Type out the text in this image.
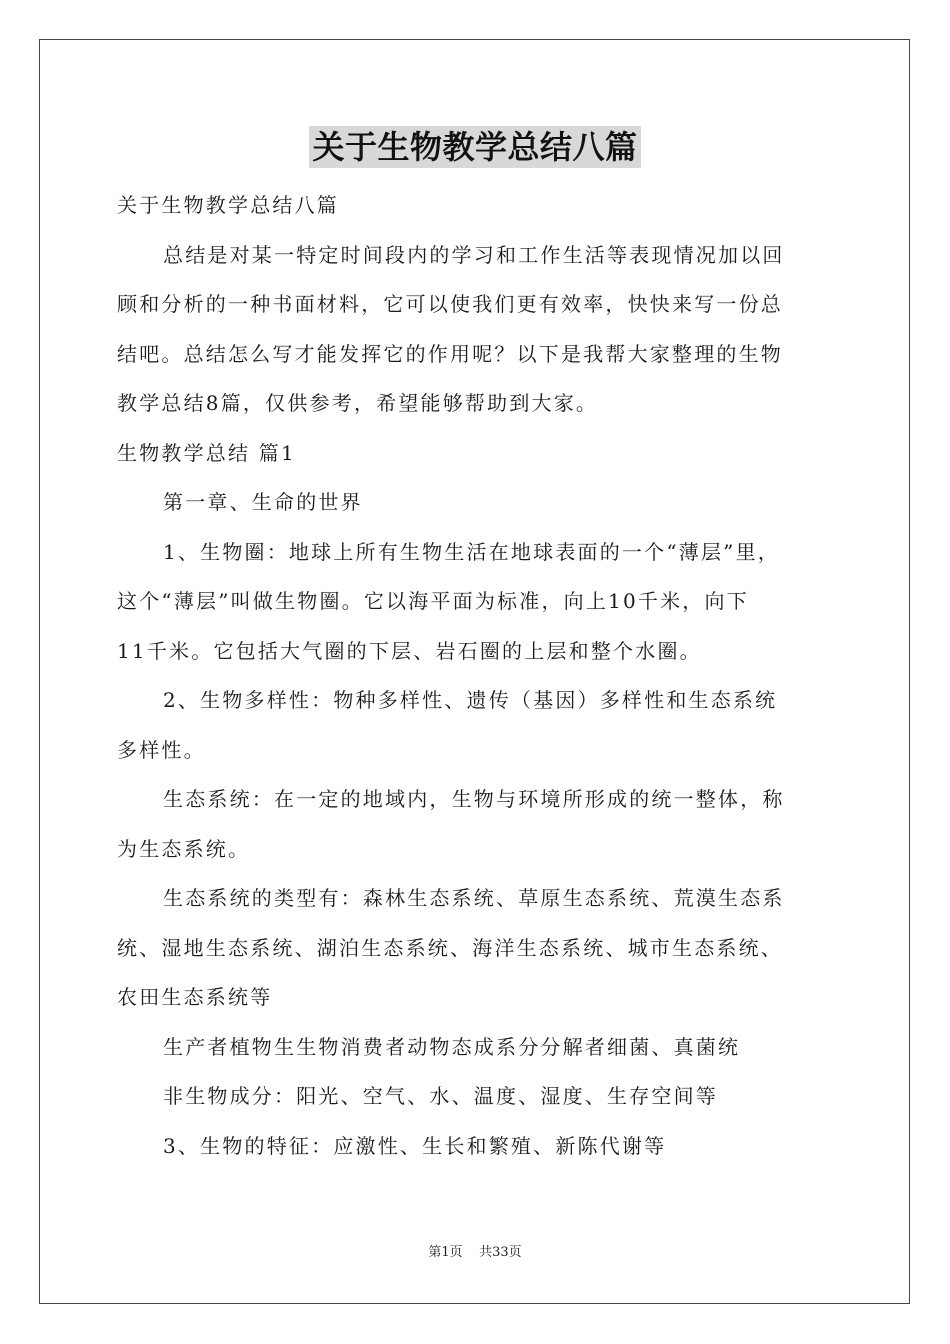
关于生物教学总结八篇
关于生物教学总结八篇
总结是对某一特定时间段内的学习和工作生活等表现情况加以回
顾和分析的一种书面材料，它可以使我们更有效率，快快来写一份总
结吧。总结怎么写才能发挥它的作用呢？以下是我帮大家整理的生物
教学总结8篇，仅供参考，希望能够帮助到大家。
生物教学总结 篇1
第一章、生命的世界
1、生物圈：地球上所有生物生活在地球表面的一个“薄层”里，
这个“薄层”叫做生物圈。它以海平面为标准，向上10千米，向下
11千米。它包括大气圈的下层、岩石圈的上层和整个水圈。
2、生物多样性：物种多样性、遗传（基因）多样性和生态系统
多样性。
生态系统：在一定的地域内，生物与环境所形成的统一整体，称
为生态系统。
生态系统的类型有：森林生态系统、草原生态系统、荒漠生态系
统、湿地生态系统、湖泊生态系统、海洋生态系统、城市生态系统、
农田生态系统等
生产者植物生生物消费者动物态成系分分解者细菌、真菌统
非生物成分：阳光、空气、水、温度、湿度、生存空间等
3、生物的特征：应激性、生长和繁殖、新陈代谢等
第1页 共33页
